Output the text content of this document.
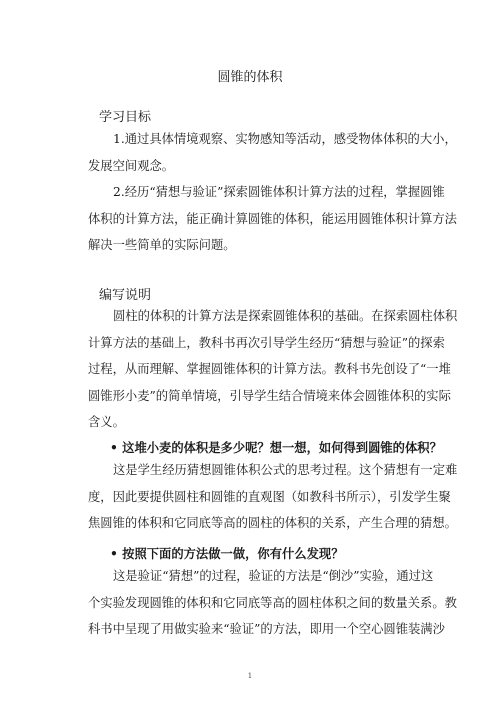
圆锥的体积
学习目标

1.通过具体情境观察、实物感知等活动，感受物体体积的大小，
发展空间观念。

2.经历“猜想与验证”探索圆锥体积计算方法的过程，掌握圆锥
体积的计算方法，能正确计算圆锥的体积，能运用圆锥体积计算方法
解决一些简单的实际问题。

编写说明

圆柱的体积的计算方法是探索圆锥体积的基础。在探索圆柱体积
计算方法的基础上，教科书再次引导学生经历“猜想与验证”的探索
过程，从而理解、掌握圆锥体积的计算方法。教科书先创设了“一堆
圆锥形小麦”的简单情境，引导学生结合情境来体会圆锥体积的实际
含义。

• 这堆小麦的体积是多少呢？想一想，如何得到圆锥的体积？

这是学生经历猜想圆锥体积公式的思考过程。这个猜想有一定难
度，因此要提供圆柱和圆锥的直观图（如教科书所示），引发学生聚
焦圆锥的体积和它同底等高的圆柱的体积的关系，产生合理的猜想。

• 按照下面的方法做一做，你有什么发现？

这是验证“猜想”的过程，验证的方法是“倒沙”实验，通过这
个实验发现圆锥的体积和它同底等高的圆柱体积之间的数量关系。教
科书中呈现了用做实验来“验证”的方法，即用一个空心圆锥装满沙

1
